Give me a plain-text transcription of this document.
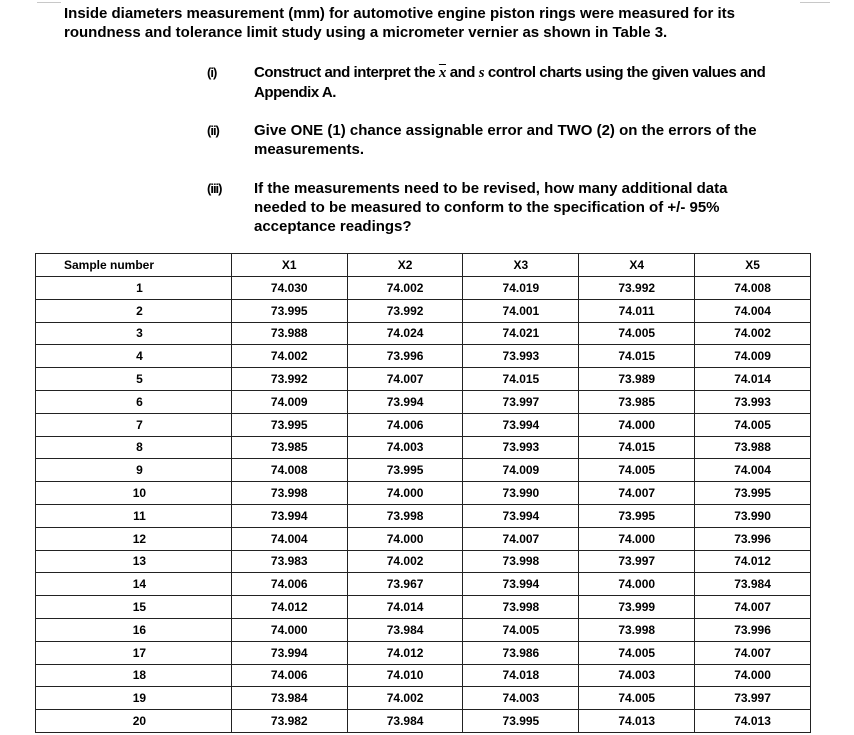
Inside diameters measurement (mm) for automotive engine piston rings were measured for its roundness and tolerance limit study using a micrometer vernier as shown in Table 3.
(i)	Construct and interpret the $\overline{x}$ and s control charts using the given values and Appendix A.
(ii) Give ONE (1) chance assignable error and TWO (2) on the errors of the measurements.
(iii) If the measurements need to be revised, how many additional data needed to be measured to conform to the specification of +/- 95% acceptance readings?
Sample number	X1	X2	X3	X4	X5
1	74.030	74.002	74.019	73.992	74.008
2	73.995	73.992	74.001	74.011	74.004
3	73.988	74.024	74.021	74.005	74.002
4	74.002	73.996	73.993	74.015	74.009
5	73.992	74.007	74.015	73.989	74.014
6	74.009	73.994	73.997	73.985	73.993
7	73.995	74.006	73.994	74.000	74.005
8	73.985	74.003	73.993	74.015	73.988
9	74.008	73.995	74.009	74.005	74.004
10	73.998	74.000	73.990	74.007	73.995
11	73.994	73.998	73.994	73.995	73.990
12	74.004	74.000	74.007	74.000	73.996
13	73.983	74.002	73.998	73.997	74.012
14	74.006	73.967	73.994	74.000	73.984
15	74.012	74.014	73.998	73.999	74.007
16	74.000	73.984	74.005	73.998	73.996
17	73.994	74.012	73.986	74.005	74.007
18	74.006	74.010	74.018	74.003	74.000
19	73.984	74.002	74.003	74.005	73.997
20	73.982	73.984	73.995	74.013	74.013
